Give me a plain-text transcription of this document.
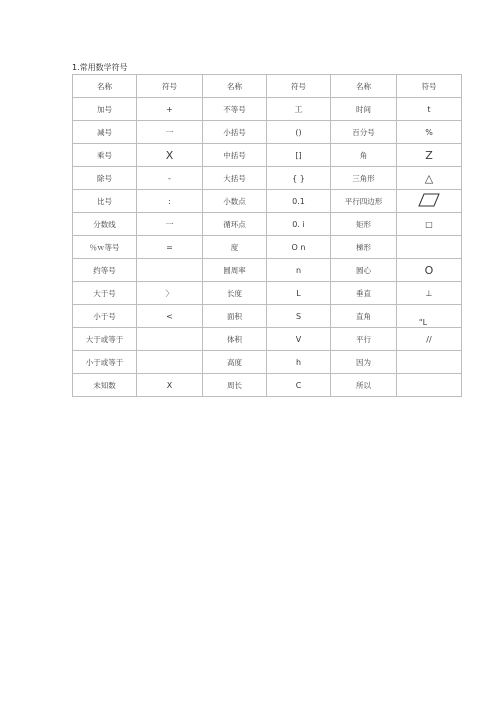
1.常用数学符号
名称	符号	名称	符号	名称	符号
加号	+	不等号	工	时间	t
减号	一	小括号	()	百分号	%
乘号	X	中括号	[]	角	Z
除号	-	大括号	{ }	三角形	△
比号	:	小数点	0.1	平行四边形	
分数线	一	循环点	0. i	矩形	□
％ｗ等号	=	度	O n	梯形	
约等号		圆周率	n	圆心	O
大于号	〉	长度	L	垂直	⊥
小于号	<	面积	S	直角	"L
大于或等于		体积	V	平行	//
小于或等于		高度	h	因为	
未知数	X	周长	C	所以	
